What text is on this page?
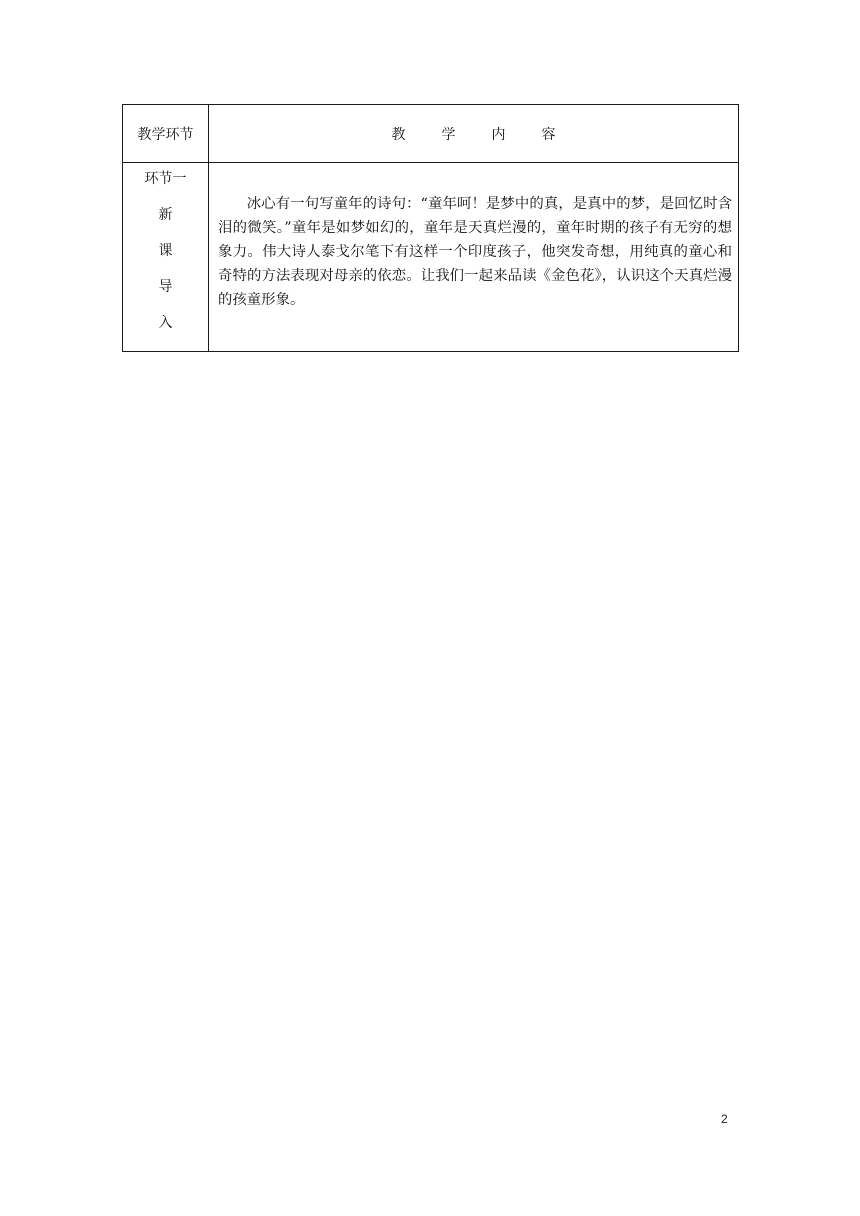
教学环节	教 学 内 容

环节一
新
课
导
入	冰心有一句写童年的诗句：“童年呵！是梦中的真，是真中的梦，是回忆时含泪的微笑。”童年是如梦如幻的，童年是天真烂漫的，童年时期的孩子有无穷的想象力。伟大诗人泰戈尔笔下有这样一个印度孩子，他突发奇想，用纯真的童心和奇特的方法表现对母亲的依恋。让我们一起来品读《金色花》，认识这个天真烂漫的孩童形象。

2
